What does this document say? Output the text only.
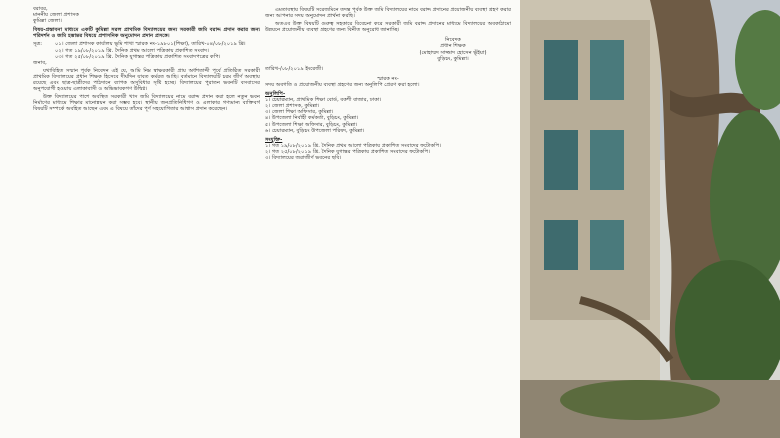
বরাবর,
মাননীয় জেলা প্রশাসক
কুমিল্লা জেলা।
বিষয়-প্রস্তাবনা মাধ্যমে একটি কুমিল্লা সরল প্রাথমিক বিদ্যালয়ের জন্য সরকারী জমি বরাদ্দ প্রদান করার জন্য পরিদর্শন ও জমি হস্তান্তর বিষয়ে প্রশাসনিক অনুমোদন প্রদান প্রসঙ্গে।
সূত্র:	০১। জেলা প্রশাসক কার্যালয় ভূমি শাখা স্মারক নং-১৯৮০১(শিক্ষা), তারিখ-০৪/০৮/২০১৯ খ্রি।
০২। গত ১৯/০৮/২০১৯ খ্রি. দৈনিক প্রথম আলো পত্রিকায় প্রকাশিত সংবাদ।
০৩। গত ২৫/০৮/২০১৯ খ্রি. দৈনিক যুগান্তর পত্রিকায় প্রকাশিত সংবাদপত্রের কপি।
জনাব,
যথাবিহিত সম্মান পূর্বক নিবেদন এই যে, আমি নিম্ন স্বাক্ষরকারী প্রায় অর্ধশতাব্দী পূর্বে প্রতিষ্ঠিত সরকারী প্রাথমিক বিদ্যালয়ের প্রধান শিক্ষক হিসেবে দীর্ঘদিন যাবত কর্মরত আছি। বর্তমানে বিদ্যালয়টি চরম জীর্ণ অবস্থায় রয়েছে এবং ছাত্র-ছাত্রীদের পাঠদানে ব্যাপক অসুবিধার সৃষ্টি হচ্ছে। বিদ্যালয়ের পুরাতন ভবনটি বসবাসের অনুপযোগী হওয়ায় এলাকাবাসী ও অভিভাবকগণ উদ্বিগ্ন।
উক্ত বিদ্যালয়ের পাশে অবস্থিত সরকারী খাস জমি বিদ্যালয়ের নামে বরাদ্দ প্রদান করা হলে নতুন ভবন নির্মাণের মাধ্যমে শিক্ষার মানোন্নয়ন করা সম্ভব হবে। স্থানীয় জনপ্রতিনিধিগণ ও এলাকার গণ্যমান্য ব্যক্তিবর্গ বিষয়টি সম্পর্কে অবহিত আছেন এবং এ বিষয়ে তাঁদের পূর্ণ সহযোগিতার আশ্বাস প্রদান করেছেন।
এমতাবস্থায় বিষয়টি সরেজমিনে তদন্ত পূর্বক উক্ত জমি বিদ্যালয়ের নামে বরাদ্দ প্রদানের প্রয়োজনীয় ব্যবস্থা গ্রহণ করার জন্য আপনার সদয় অনুমোদন প্রার্থনা করছি।
অতএব উক্ত বিষয়টি গুরুত্ব সহকারে বিবেচনা করে সরকারী জমি বরাদ্দ প্রদানের মাধ্যমে বিদ্যালয়ের অবকাঠামো উন্নয়নে প্রয়োজনীয় ব্যবস্থা গ্রহণের জন্য বিনীত অনুরোধ জানাচ্ছি।
নিবেদক
প্রধান শিক্ষক
(মোহাম্মদ সাজ্জাদ হোসেন ভূঁইয়া)
বুড়িচং, কুমিল্লা।
তারিখ-/০৮/২০১৯ ইংরেজী।
স্মারক নং-
সদয় অবগতি ও প্রয়োজনীয় ব্যবস্থা গ্রহণের জন্য অনুলিপি প্রেরণ করা হলো।
অনুলিপি-
১। চেয়ারম্যান, প্রাথমিক শিক্ষা বোর্ড, বকশী বাজার, ঢাকা।
২। জেলা প্রশাসক, কুমিল্লা।
৩। জেলা শিক্ষা অফিসার, কুমিল্লা।
৪। উপজেলা নির্বাহী কর্মকর্তা, বুড়িচং, কুমিল্লা।
৫। উপজেলা শিক্ষা অফিসার, বুড়িচং, কুমিল্লা।
৬। চেয়ারম্যান, বুড়িচং উপজেলা পরিষদ, কুমিল্লা।
সংযুক্তি-
১। গত ১৯/০৮/২০১৯ খ্রি. দৈনিক প্রথম আলো পত্রিকায় প্রকাশিত সংবাদের ফটোকপি।
২। গত ২৫/০৮/২০১৯ খ্রি. দৈনিক যুগান্তর পত্রিকায় প্রকাশিত সংবাদের ফটোকপি।
৩। বিদ্যালয়ের জরাজীর্ণ ভবনের ছবি।
